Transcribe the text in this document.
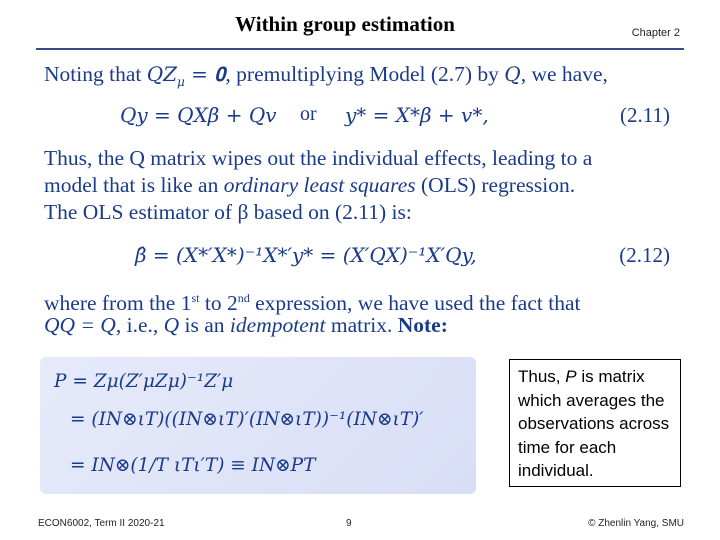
Within group estimation	Chapter 2
Noting that $QZ_\mu$ = 𝟎, premultiplying Model (2.7) by Q, we have,
Qy = QXβ + Qv or y* = X*β + v*,	(2.11)
Thus, the Q matrix wipes out the individual effects, leading to a
model that is like an ordinary least squares (OLS) regression.
The OLS estimator of β based on (2.11) is:
β̂ = (X*′X*)⁻¹X*′y* = (X′QX)⁻¹X′Qy,	(2.12)
where from the 1st to 2nd expression, we have used the fact that
QQ = Q, i.e., Q is an idempotent matrix. Note:
P = Zμ(Z′μZμ)⁻¹Z′μ
= (IN⊗ιT)((IN⊗ιT)′(IN⊗ιT))⁻¹(IN⊗ιT)′
= IN⊗(1/T ιTι′T) ≡ IN⊗PT
Thus, P is matrix which averages the observations across time for each individual.
ECON6002, Term II 2020-21	9	© Zhenlin Yang, SMU
